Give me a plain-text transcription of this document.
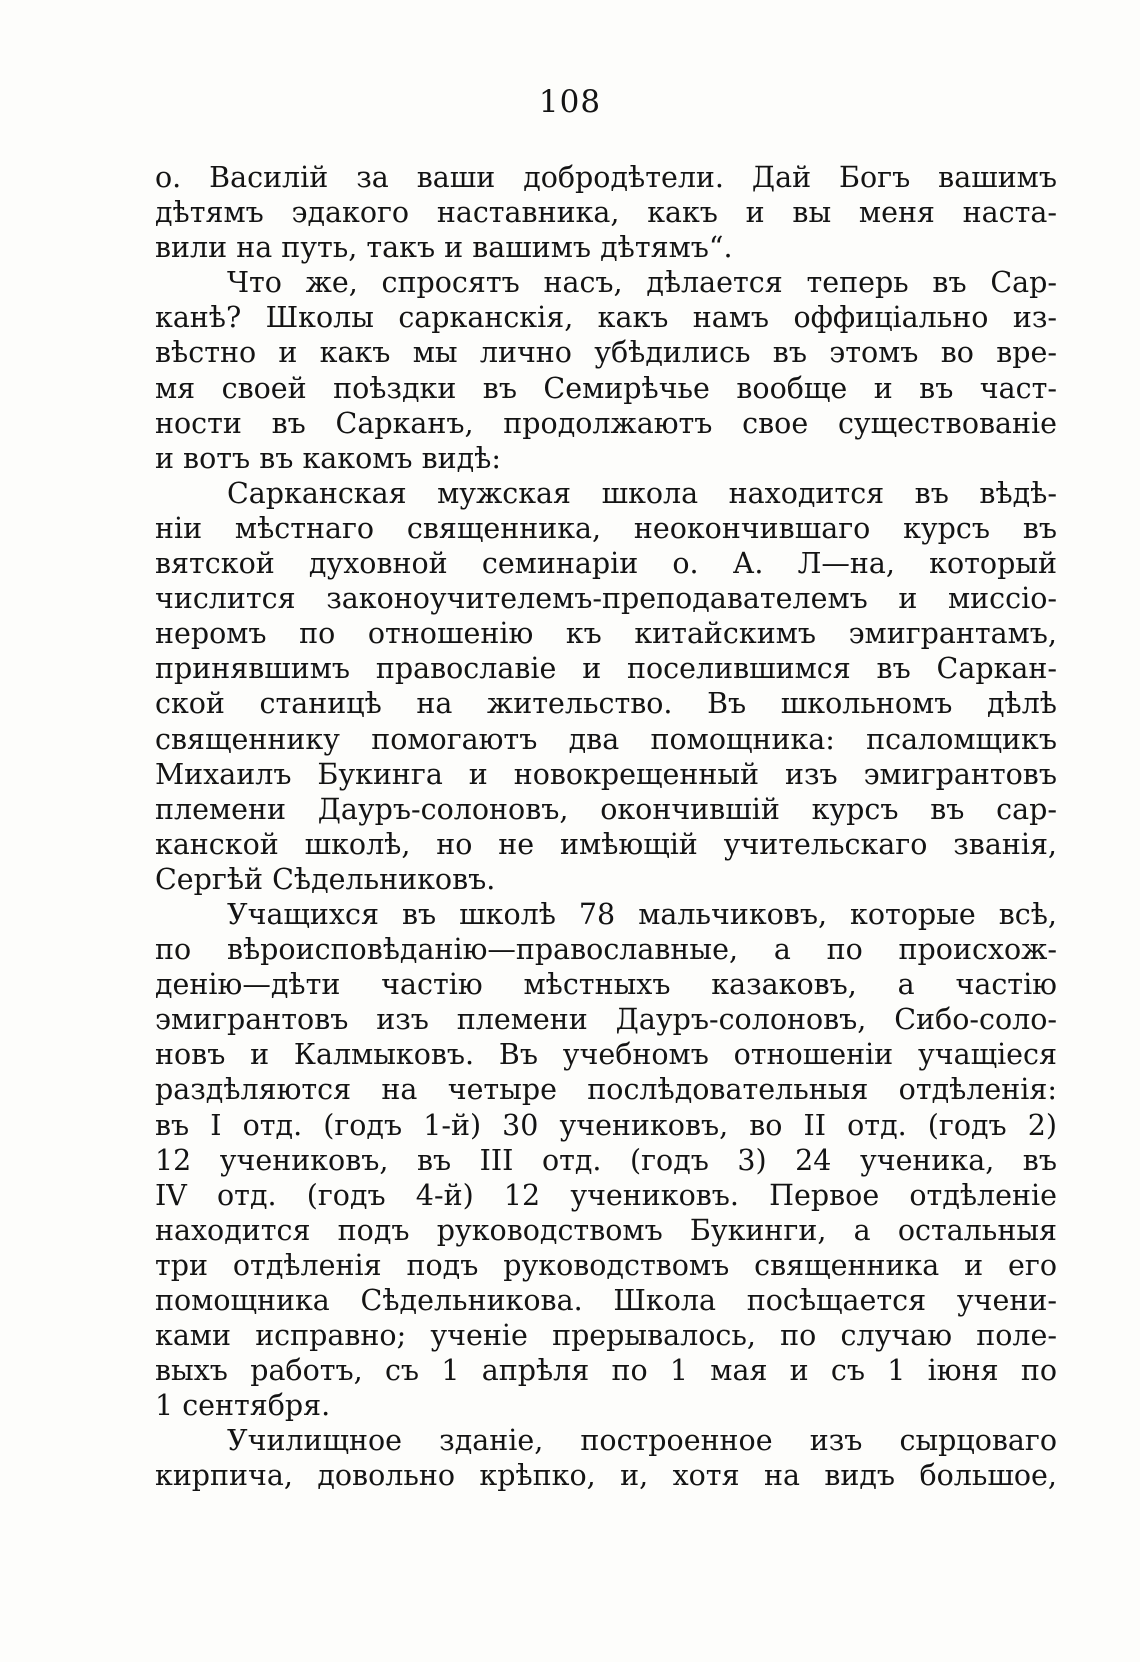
108
о. Василій за ваши добродѣтели. Дай Богъ вашимъ
дѣтямъ эдакого наставника, какъ и вы меня наста-
вили на путь, такъ и вашимъ дѣтямъ“.
Что же, спросятъ насъ, дѣлается теперь въ Сар-
канѣ? Школы сарканскія, какъ намъ оффиціально из-
вѣстно и какъ мы лично убѣдились въ этомъ во вре-
мя своей поѣздки въ Семирѣчье вообще и въ част-
ности въ Сарканъ, продолжаютъ свое существованіе
и вотъ въ какомъ видѣ:
Сарканская мужская школа находится въ вѣдѣ-
ніи мѣстнаго священника, неокончившаго курсъ въ
вятской духовной семинаріи о. А. Л—на, который
числится законоучителемъ-преподавателемъ и миссіо-
неромъ по отношенію къ китайскимъ эмигрантамъ,
принявшимъ православіе и поселившимся въ Саркан-
ской станицѣ на жительство. Въ школьномъ дѣлѣ
священнику помогаютъ два помощника: псаломщикъ
Михаилъ Букинга и новокрещенный изъ эмигрантовъ
племени Дауръ-солоновъ, окончившій курсъ въ сар-
канской школѣ, но не имѣющій учительскаго званія,
Сергѣй Сѣдельниковъ.
Учащихся въ школѣ 78 мальчиковъ, которые всѣ,
по вѣроисповѣданію—православные, а по происхож-
денію—дѣти частію мѣстныхъ казаковъ, а частію
эмигрантовъ изъ племени Дауръ-солоновъ, Сибо-соло-
новъ и Калмыковъ. Въ учебномъ отношеніи учащіеся
раздѣляются на четыре послѣдовательныя отдѣленія:
въ I отд. (годъ 1-й) 30 учениковъ, во II отд. (годъ 2)
12 учениковъ, въ III отд. (годъ 3) 24 ученика, въ
IV отд. (годъ 4-й) 12 учениковъ. Первое отдѣленіе
находится подъ руководствомъ Букинги, а остальныя
три отдѣленія подъ руководствомъ священника и его
помощника Сѣдельникова. Школа посѣщается учени-
ками исправно; ученіе прерывалось, по случаю поле-
выхъ работъ, съ 1 апрѣля по 1 мая и съ 1 іюня по
1 сентября.
Училищное зданіе, построенное изъ сырцоваго
кирпича, довольно крѣпко, и, хотя на видъ большое,
